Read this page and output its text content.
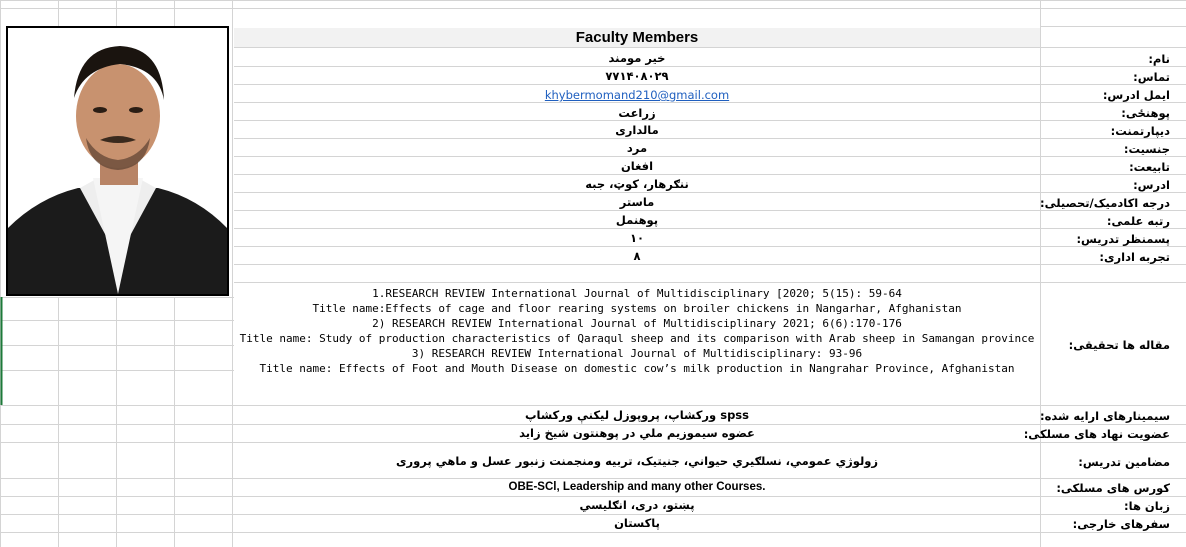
Faculty Members
نام:
خیر مومند
تماس:
۷۷۱۴۰۸۰۲۹
ایمل ادرس:
khybermomand210@gmail.com
پوهنځی:
زراعت
دیپارتمنت:
مالداری
جنسیت:
مرد
تابیعت:
افغان
ادرس:
ننګرهار، کوټ، جبه
درجه اکادمیک/تحصیلی:
ماستر
رتبه علمی:
پوهنمل
پسمنظر تدریس:
۱۰
تجربه اداری:
۸
مقاله ها تحقیقی:
1.RESEARCH REVIEW International Journal of Multidisciplinary [2020; 5(15): 59-64
Title name:Effects of cage and floor rearing systems on broiler chickens in Nangarhar, Afghanistan
2) RESEARCH REVIEW International Journal of Multidisciplinary 2021; 6(6):170-176
Title name: Study of production characteristics of Qaraqul sheep and its comparison with Arab sheep in Samangan province
3) RESEARCH REVIEW International Journal of Multidisciplinary: 93-96
Title name: Effects of Foot and Mouth Disease on domestic cow’s milk production in Nangrahar Province, Afghanistan
سیمینارهای ارایه شده:
ورکشاپ، پروپوزل لیکنې ورکشاپ spss
عضویت نهاد های مسلکی:
عضوه سیموزیم ملي در پوهنتون شیخ زاید
مضامین تدریس:
زولوژي عمومي، نسلګيري حيواني، جنيتيک، تربیه ومنجمنت زنبور عسل و ماهي پروری
کورس های مسلکی:
OBE-SCl, Leadership and many other Courses.
زبان ها:
پښتو، دری، انګلیسي
سفرهای خارجی:
پاکستان
